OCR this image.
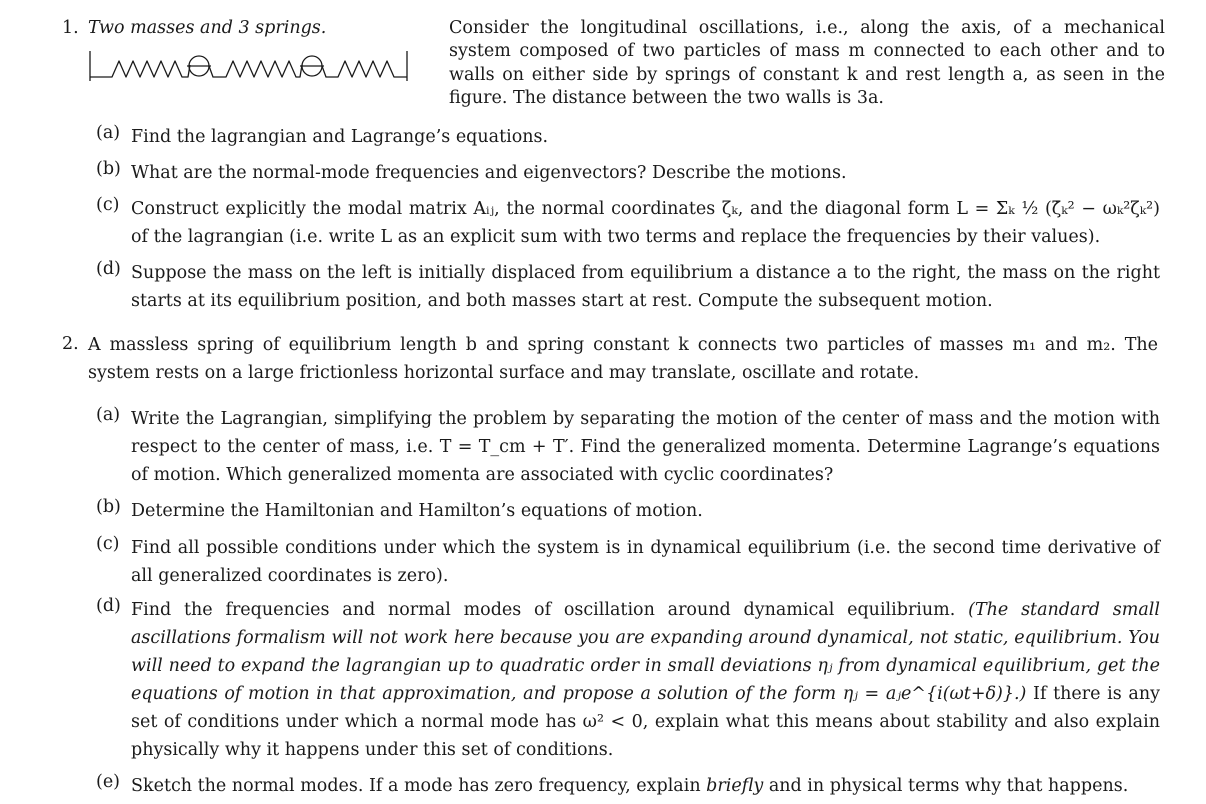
1. Two masses and 3 springs.	Consider the longitudinal oscillations, i.e., along the axis, of a mechanical system composed of two particles of mass m connected to each other and to walls on either side by springs of constant k and rest length a, as seen in the figure. The distance between the two walls is 3a.
(a) Find the lagrangian and Lagrange’s equations.
(b) What are the normal-mode frequencies and eigenvectors? Describe the motions.
(c) Construct explicitly the modal matrix Aᵢⱼ, the normal coordinates ζₖ, and the diagonal form L = Σₖ ½ (ζ̇ₖ² − ωₖ²ζₖ²) of the lagrangian (i.e. write L as an explicit sum with two terms and replace the frequencies by their values).
(d) Suppose the mass on the left is initially displaced from equilibrium a distance a to the right, the mass on the right starts at its equilibrium position, and both masses start at rest. Compute the subsequent motion.
2. A massless spring of equilibrium length b and spring constant k connects two particles of masses m₁ and m₂. The system rests on a large frictionless horizontal surface and may translate, oscillate and rotate.
(a) Write the Lagrangian, simplifying the problem by separating the motion of the center of mass and the motion with respect to the center of mass, i.e. T = T_cm + T′. Find the generalized momenta. Determine Lagrange’s equations of motion. Which generalized momenta are associated with cyclic coordinates?
(b) Determine the Hamiltonian and Hamilton’s equations of motion.
(c) Find all possible conditions under which the system is in dynamical equilibrium (i.e. the second time derivative of all generalized coordinates is zero).
(d) Find the frequencies and normal modes of oscillation around dynamical equilibrium. (The standard small ascillations formalism will not work here because you are expanding around dynamical, not static, equilibrium. You will need to expand the lagrangian up to quadratic order in small deviations ηⱼ from dynamical equilibrium, get the equations of motion in that approximation, and propose a solution of the form ηⱼ = aⱼe^{i(ωt+δ)}.) If there is any set of conditions under which a normal mode has ω² < 0, explain what this means about stability and also explain physically why it happens under this set of conditions.
(e) Sketch the normal modes. If a mode has zero frequency, explain briefly and in physical terms why that happens.
